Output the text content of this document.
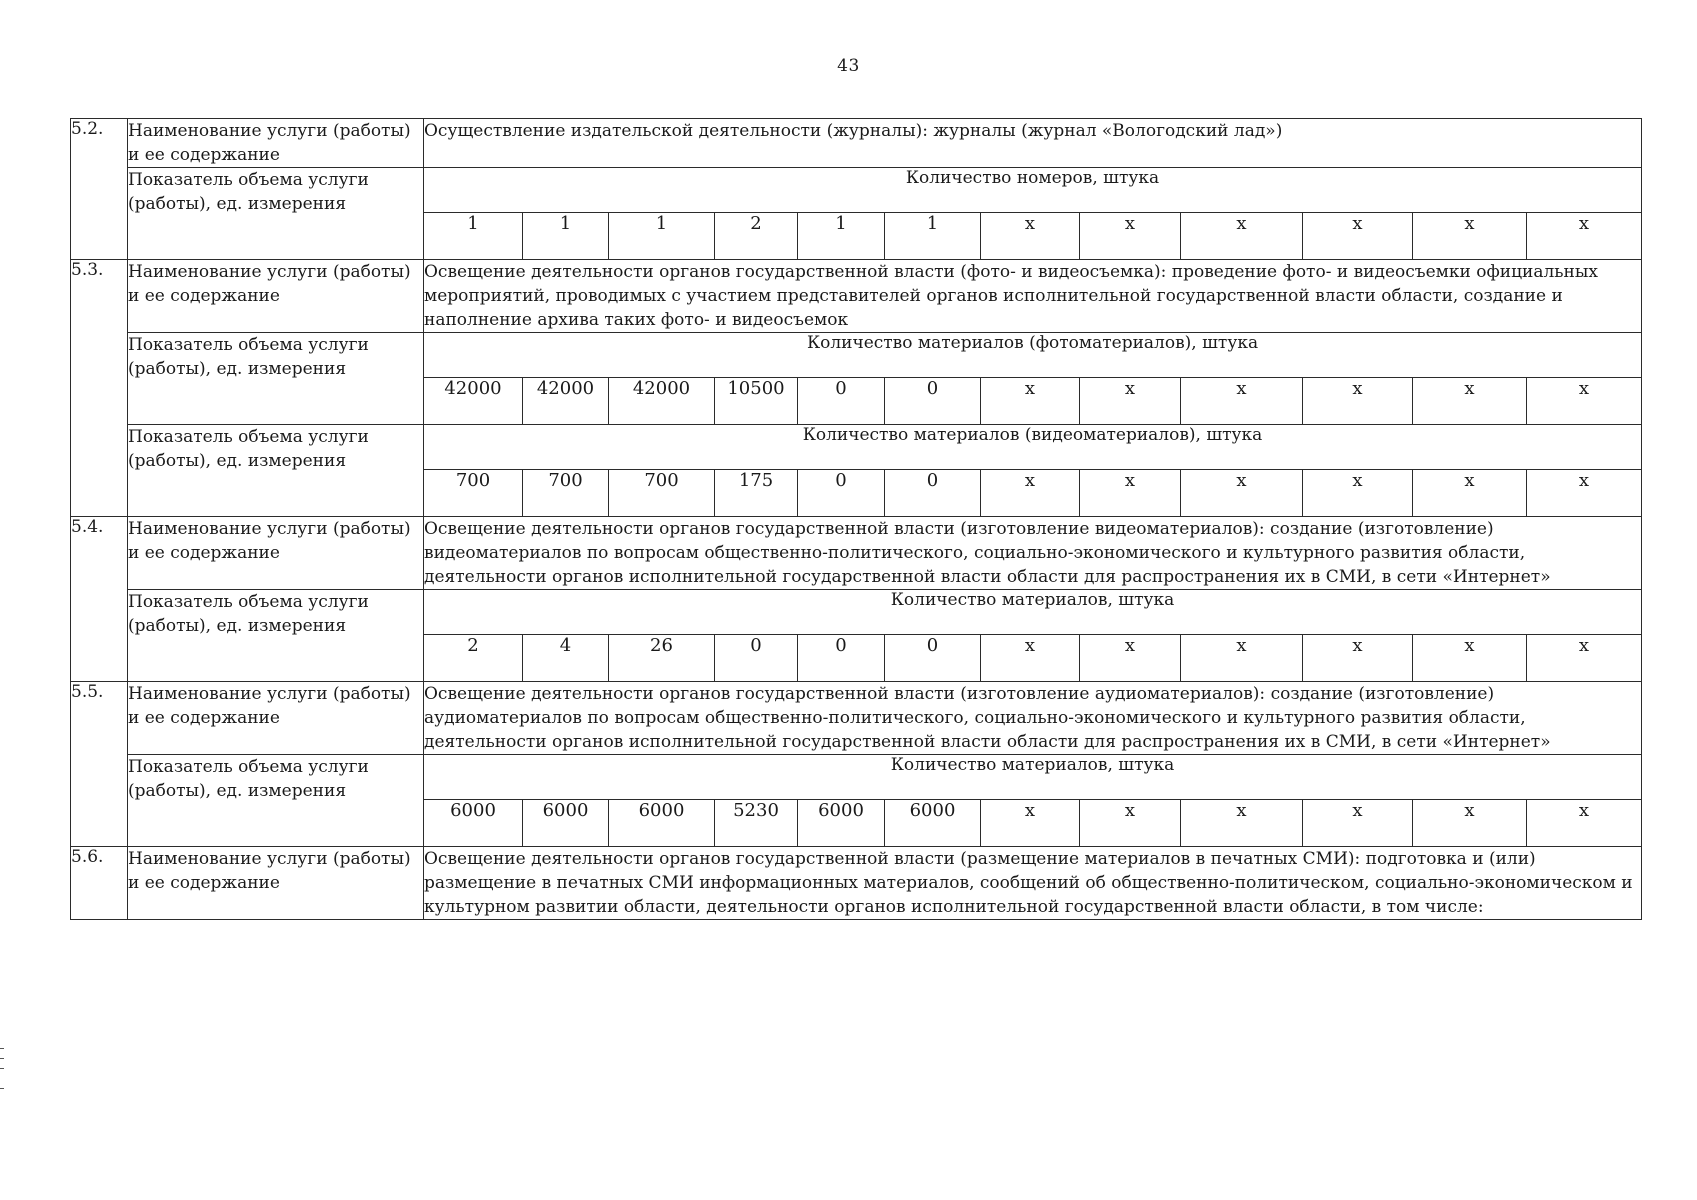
43
5.2.	Наименование услуги (работы) и ее содержание	Осуществление издательской деятельности (журналы): журналы (журнал «Вологодский лад»)											
	Показатель объема услуги (работы), ед. измерения	Количество номеров, штука											
		1	1	1	2	1	1	х	х	х	х	х	х
5.3.	Наименование услуги (работы) и ее содержание	Освещение деятельности органов государственной власти (фото- и видеосъемка): проведение фото- и видеосъемки официальных мероприятий, проводимых с участием представителей органов исполнительной государственной власти области, создание и наполнение архива таких фото- и видеосъемок											
	Показатель объема услуги (работы), ед. измерения	Количество материалов (фотоматериалов), штука											
		42000	42000	42000	10500	0	0	х	х	х	х	х	х
	Показатель объема услуги (работы), ед. измерения	Количество материалов (видеоматериалов), штука											
		700	700	700	175	0	0	х	х	х	х	х	х
5.4.	Наименование услуги (работы) и ее содержание	Освещение деятельности органов государственной власти (изготовление видеоматериалов): создание (изготовление) видеоматериалов по вопросам общественно-политического, социально-экономического и культурного развития области, деятельности органов исполнительной государственной власти области для распространения их в СМИ, в сети «Интернет»											
	Показатель объема услуги (работы), ед. измерения	Количество материалов, штука											
		2	4	26	0	0	0	х	х	х	х	х	х
5.5.	Наименование услуги (работы) и ее содержание	Освещение деятельности органов государственной власти (изготовление аудиоматериалов): создание (изготовление) аудиоматериалов по вопросам общественно-политического, социально-экономического и культурного развития области, деятельности органов исполнительной государственной власти области для распространения их в СМИ, в сети «Интернет»											
	Показатель объема услуги (работы), ед. измерения	Количество материалов, штука											
		6000	6000	6000	5230	6000	6000	х	х	х	х	х	х
5.6.	Наименование услуги (работы) и ее содержание	Освещение деятельности органов государственной власти (размещение материалов в печатных СМИ): подготовка и (или) размещение в печатных СМИ информационных материалов, сообщений об общественно-политическом, социально-экономическом и культурном развитии области, деятельности органов исполнительной государственной власти области, в том числе:											
